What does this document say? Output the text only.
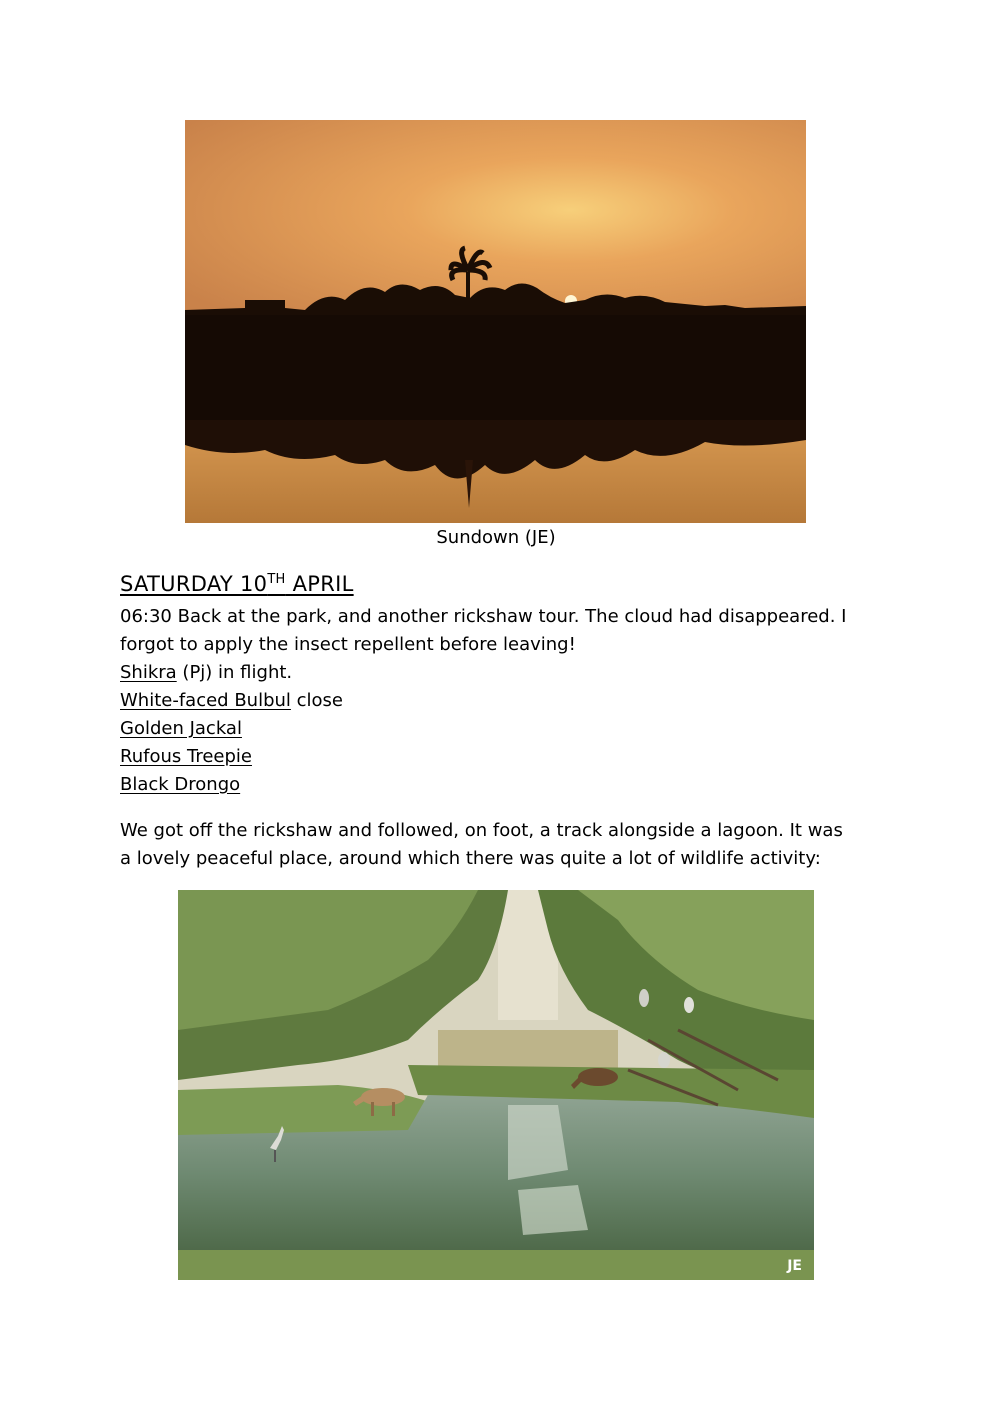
Sundown (JE)
SATURDAY 10TH APRIL
06:30 Back at the park, and another rickshaw tour. The cloud had disappeared. I
forgot to apply the insect repellent before leaving!
Shikra (Pj) in flight.
White-faced Bulbul close
Golden Jackal
Rufous Treepie
Black Drongo
We got off the rickshaw and followed, on foot, a track alongside a lagoon. It was
a lovely peaceful place, around which there was quite a lot of wildlife activity:
JE
